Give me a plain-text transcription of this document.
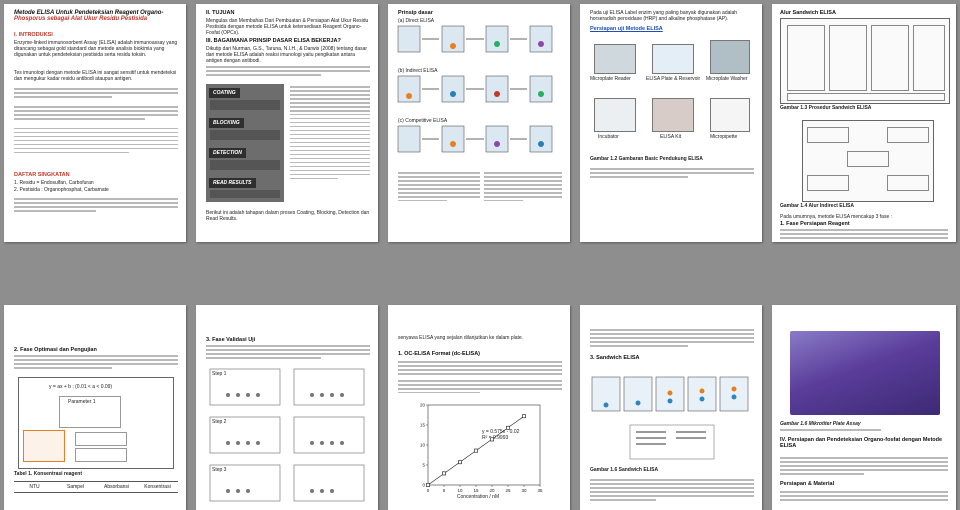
Metode ELISA Untuk Pendeteksian Reagent Organo-
Phosporus sebagai Alat Ukur Residu Pestisida
I. INTRODUKSI
Enzyme-linked immunosorbent Assay (ELISA) adalah immunoassay yang dirancang sebagai gold standard dan metode analisis biokimia yang digunakan untuk pendeteksian pestisida serta residu toksin.
Tes imunologi dengan metode ELISA ini sangat sensitif untuk mendeteksi dan mengukur kadar residu antibodi ataupun antigen.
DAFTAR SINGKATAN
1. Residu = Endosulfan, Carbofuran
2. Pestisida : Organophosphat, Carbamate
II. TUJUAN
Mengulas dan Membahas Dari Pembuatan & Persiapan Alat Ukur Residu Pestisida dengan metode ELISA untuk ketersediaan Reagent Organo-Fosfat (OPCs).
III. BAGAIMANA PRINSIP DASAR ELISA BEKERJA?
Dikutip dari Nurman, G.S., Taruna, N.I.H., & Darwis (2008) tentang dasar dari metode ELISA adalah reaksi imunologi yaitu pengikatan antara antigen dengan antibodi.
COATING
BLOCKING
DETECTION
READ RESULTS
Berikut ini adalah tahapan dalam proses Coating, Blocking, Detection dan Read Results.
Prinsip dasar
(a) Direct ELISA
(b) Indirect ELISA
(c) Competitive ELISA
Pada uji ELISA Label enzim yang paling banyak digunakan adalah horseradish peroxidase (HRP) and alkaline phosphatase (AP).
Persiapan uji Metode ELISA
Microplate Reader	ELISA Plate & Reservoir Microplate Washer
Incubator	ELISA Kit	Micropipette
Gambar 1.2 Gambaran Basic Pendukung ELISA
Alur Sandwich ELISA
Gambar 1.3 Prosedur Sandwich ELISA
Gambar 1.4 Alur Indirect ELISA
Pada umumnya, metode ELISA mencakup 3 fase :
1. Fase Persiapan Reagent
2. Fase Optimasi dan Pengujian
y = ax + b ; (0.01 < a < 0.09)
Parameter 1
Tabel 1. Konsentrasi reagent
NTU	Sampel	Absorbansi	Konsentrasi
3. Fase Validasi Uji
Step 1
Step 2
Step 3
senyawa ELISA yang sejalan dilanjutkan ke dalam plate.
1. OC-ELISA Format (dc-ELISA)
0	5	10 15 20 25 30 35
0
5
10
15
20
y = 0.575x - 0.02
R² = 0.9993
Concentration / nM
3. Sandwich ELISA
Gambar 1.6 Sandwich ELISA
Gambar 1.6 Mikrotiter Plate Assay
IV. Persiapan dan Pendeteksian Organo-fosfat dengan Metode ELISA
Persiapan & Material
